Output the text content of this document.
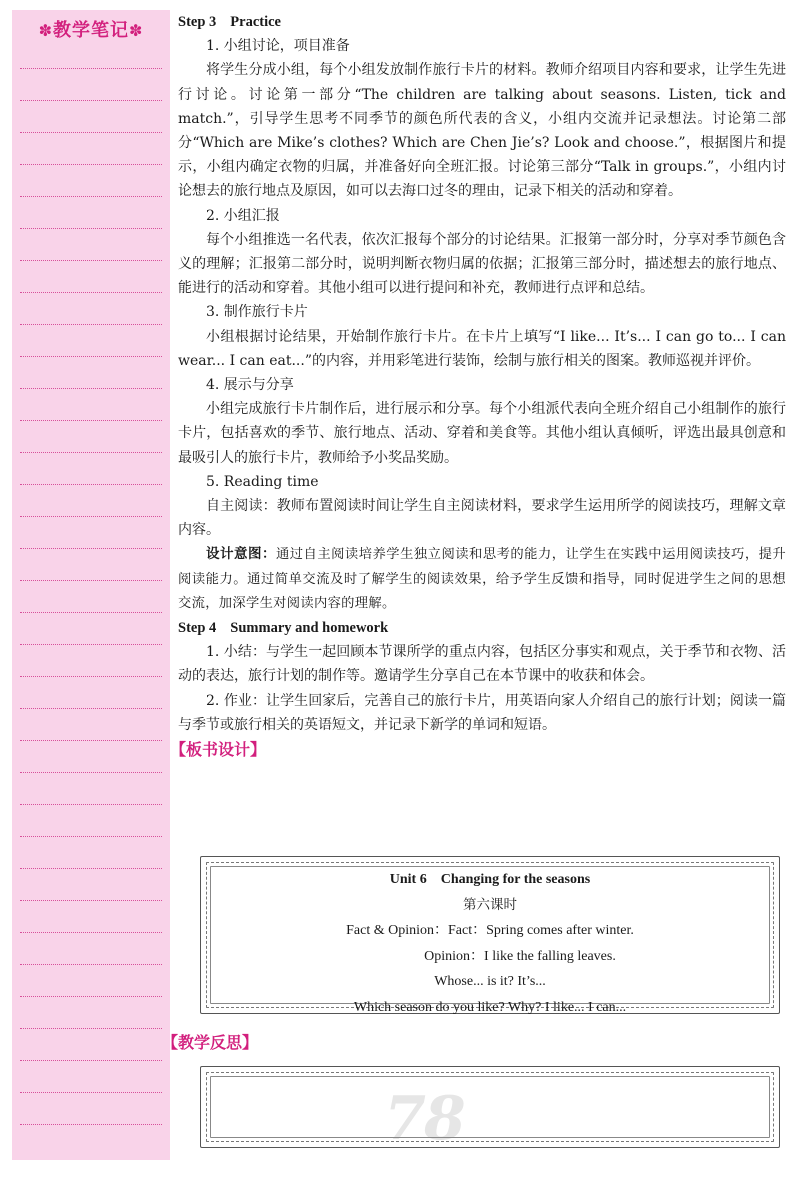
✽教学笔记✽	Step 3 Practice
1. 小组讨论，项目准备
将学生分成小组，每个小组发放制作旅行卡片的材料。教师介绍项目内容和要求，让学生先进行讨论。讨论第一部分“The children are talking about seasons. Listen, tick and match.”，引导学生思考不同季节的颜色所代表的含义，小组内交流并记录想法。讨论第二部分“Which are Mike’s clothes? Which are Chen Jie’s? Look and choose.”，根据图片和提示，小组内确定衣物的归属，并准备好向全班汇报。讨论第三部分“Talk in groups.”，小组内讨论想去的旅行地点及原因，如可以去海口过冬的理由，记录下相关的活动和穿着。
2. 小组汇报
每个小组推选一名代表，依次汇报每个部分的讨论结果。汇报第一部分时，分享对季节颜色含义的理解；汇报第二部分时，说明判断衣物归属的依据；汇报第三部分时，描述想去的旅行地点、能进行的活动和穿着。其他小组可以进行提问和补充，教师进行点评和总结。
3. 制作旅行卡片
小组根据讨论结果，开始制作旅行卡片。在卡片上填写“I like... It’s... I can go to... I can wear... I can eat...”的内容，并用彩笔进行装饰，绘制与旅行相关的图案。教师巡视并评价。
4. 展示与分享
小组完成旅行卡片制作后，进行展示和分享。每个小组派代表向全班介绍自己小组制作的旅行卡片，包括喜欢的季节、旅行地点、活动、穿着和美食等。其他小组认真倾听，评选出最具创意和最吸引人的旅行卡片，教师给予小奖品奖励。
5. Reading time
自主阅读：教师布置阅读时间让学生自主阅读材料，要求学生运用所学的阅读技巧，理解文章内容。
设计意图：通过自主阅读培养学生独立阅读和思考的能力，让学生在实践中运用阅读技巧，提升阅读能力。通过简单交流及时了解学生的阅读效果，给予学生反馈和指导，同时促进学生之间的思想交流，加深学生对阅读内容的理解。
Step 4 Summary and homework
1. 小结：与学生一起回顾本节课所学的重点内容，包括区分事实和观点，关于季节和衣物、活动的表达，旅行计划的制作等。邀请学生分享自己在本节课中的收获和体会。
2. 作业：让学生回家后，完善自己的旅行卡片，用英语向家人介绍自己的旅行计划；阅读一篇与季节或旅行相关的英语短文，并记录下新学的单词和短语。
【板书设计】
Unit 6 Changing for the seasons
第六课时
Fact & Opinion：Fact：Spring comes after winter.
Opinion：I like the falling leaves.
Whose... is it? It’s...
Which season do you like? Why? I like... I can...
【教学反思】
78
